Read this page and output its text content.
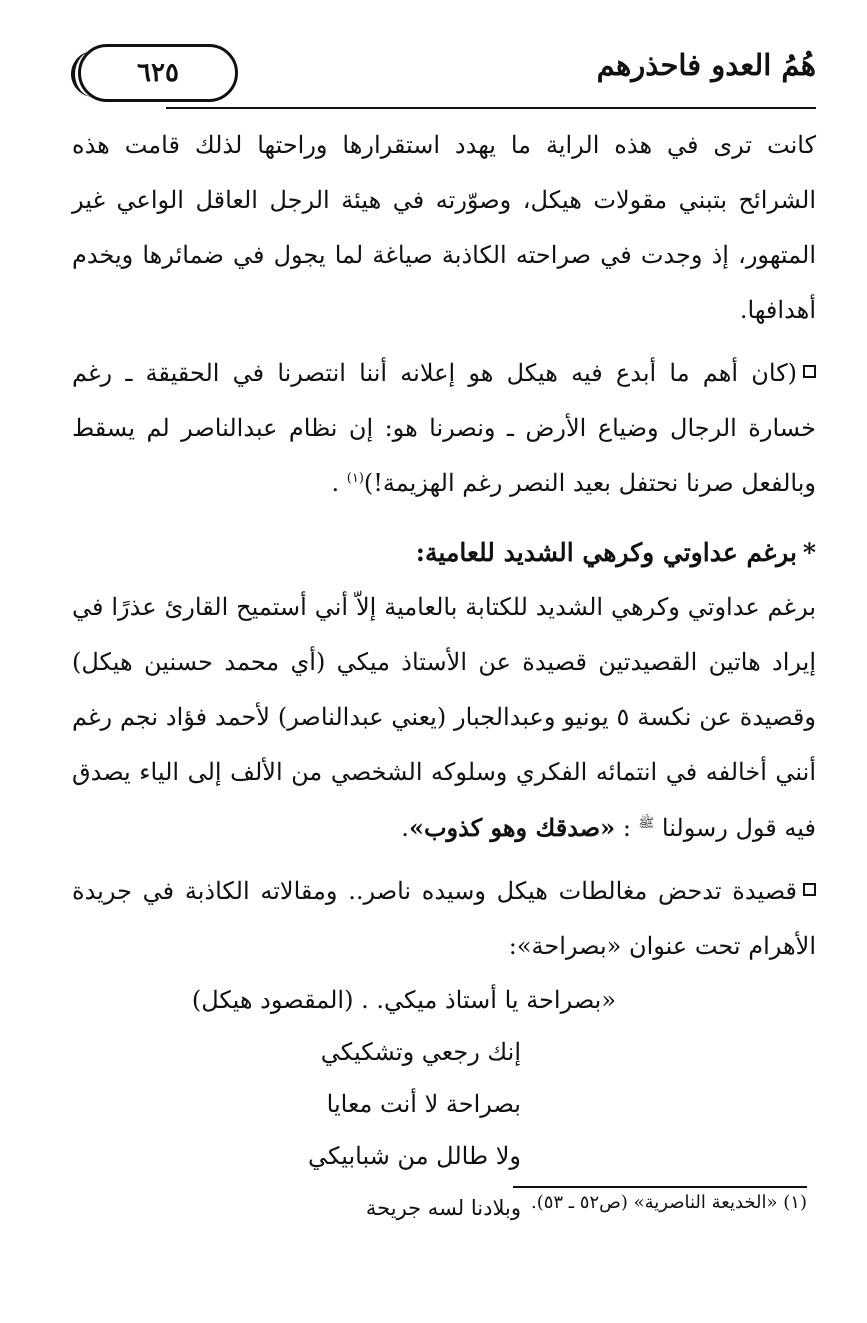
٦٢٥	هُمُ العدو فاحذرهم

كانت ترى في هذه الراية ما يهدد استقرارها وراحتها لذلك قامت هذه الشرائح بتبني مقولات هيكل، وصوّرته في هيئة الرجل العاقل الواعي غير المتهور، إذ وجدت في صراحته الكاذبة صياغة لما يجول في ضمائرها ويخدم أهدافها.

(كان أهم ما أبدع فيه هيكل هو إعلانه أننا انتصرنا في الحقيقة ـ رغم خسارة الرجال وضياع الأرض ـ ونصرنا هو: إن نظام عبدالناصر لم يسقط وبالفعل صرنا نحتفل بعيد النصر رغم الهزيمة!)$^{(١)}$ .

*برغم عداوتي وكرهي الشديد للعامية:

برغم عداوتي وكرهي الشديد للكتابة بالعامية إلاّ أني أستميح القارئ عذرًا في إيراد هاتين القصيدتين قصيدة عن الأستاذ ميكي (أي محمد حسنين هيكل) وقصيدة عن نكسة ٥ يونيو وعبدالجبار (يعني عبدالناصر) لأحمد فؤاد نجم رغم أنني أخالفه في انتمائه الفكري وسلوكه الشخصي من الألف إلى الياء يصدق فيه قول رسولنا $^ﷺ$ : «صدقك وهو كذوب».

قصيدة تدحض مغالطات هيكل وسيده ناصر.. ومقالاته الكاذبة في جريدة الأهرام تحت عنوان «بصراحة»:

«بصراحة يا أستاذ ميكي. . (المقصود هيكل)
إنك رجعي وتشكيكي
بصراحة لا أنت معايا
ولا طالل من شبابيكي
وبلادنا لسه جريحة (١) «الخديعة الناصرية» (ص٥٢ ـ ٥٣).
